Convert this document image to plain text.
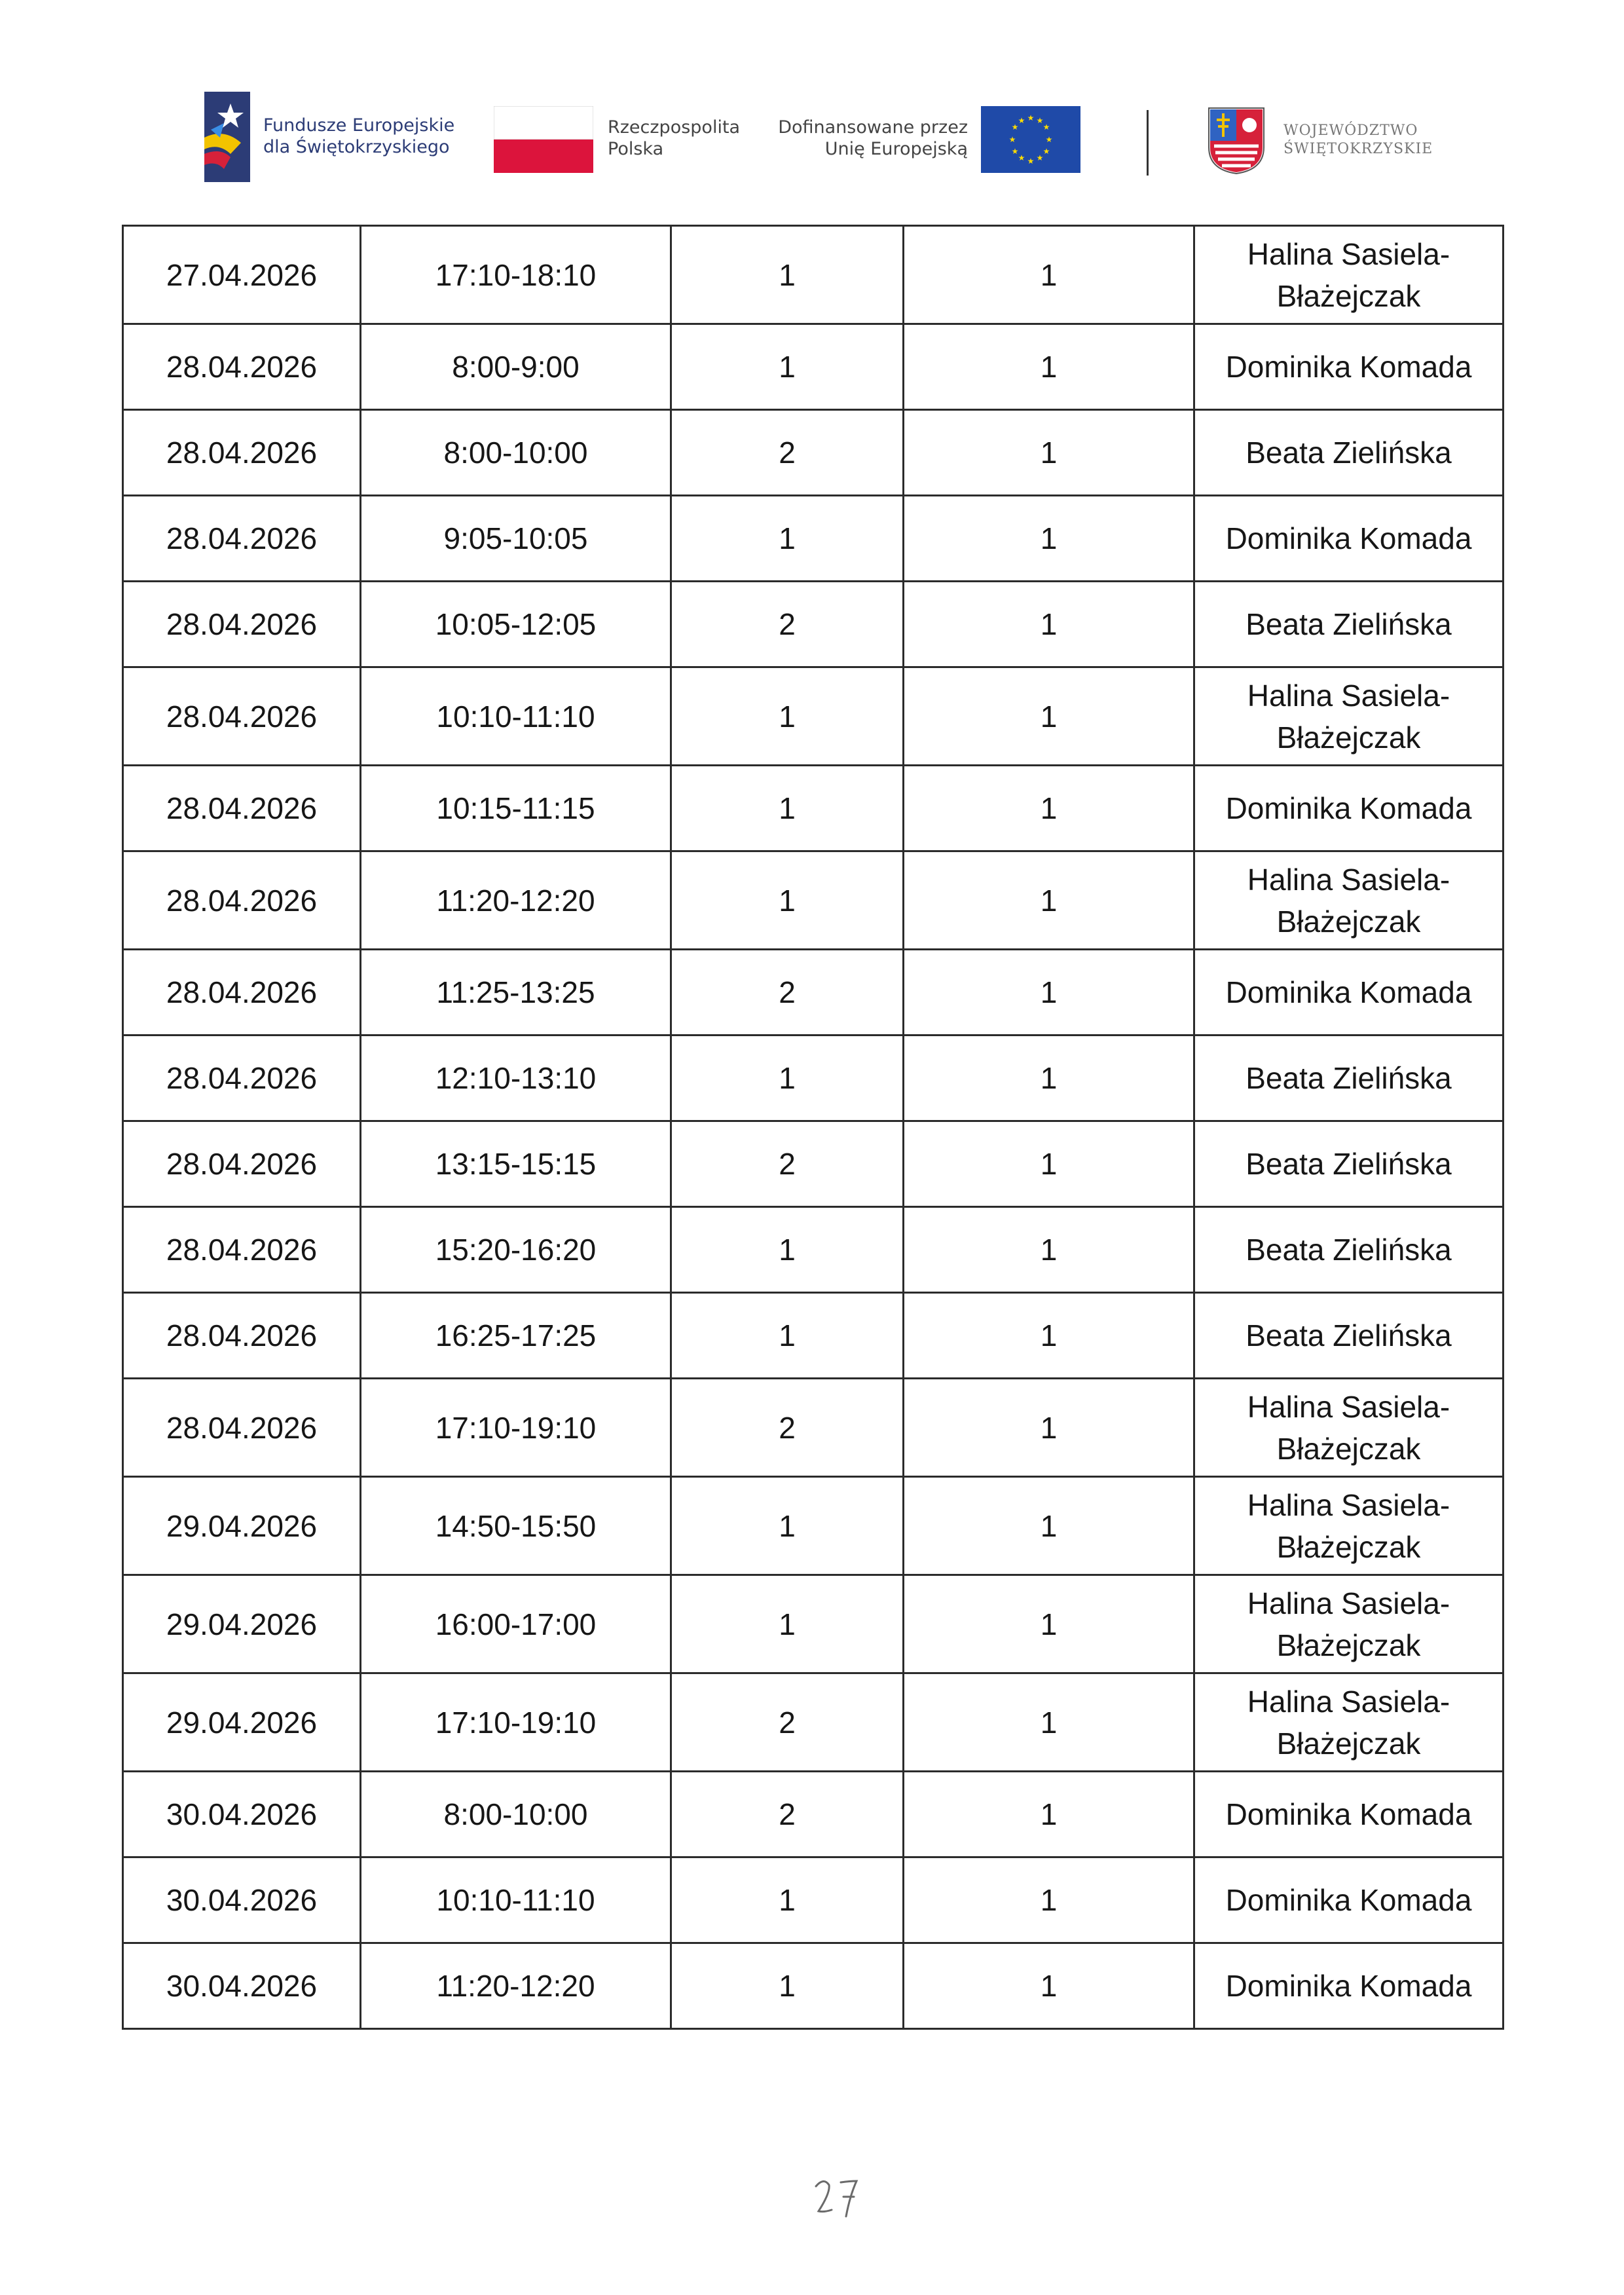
Fundusze Europejskie
dla Świętokrzyskiego
Rzeczpospolita
Polska
Dofinansowane przez
Unię Europejską
★ ★
★
★
★
★
★
★
★
★
★
★
WOJEWÓDZTWO
ŚWIĘTOKRZYSKIE
27.04.2026	17:10-18:10	1	1	Halina Sasiela-Błażejczak
28.04.2026	8:00-9:00	1	1	Dominika Komada
28.04.2026	8:00-10:00	2	1	Beata Zielińska
28.04.2026	9:05-10:05	1	1	Dominika Komada
28.04.2026	10:05-12:05	2	1	Beata Zielińska
28.04.2026	10:10-11:10	1	1	Halina Sasiela-Błażejczak
28.04.2026	10:15-11:15	1	1	Dominika Komada
28.04.2026	11:20-12:20	1	1	Halina Sasiela-Błażejczak
28.04.2026	11:25-13:25	2	1	Dominika Komada
28.04.2026	12:10-13:10	1	1	Beata Zielińska
28.04.2026	13:15-15:15	2	1	Beata Zielińska
28.04.2026	15:20-16:20	1	1	Beata Zielińska
28.04.2026	16:25-17:25	1	1	Beata Zielińska
28.04.2026	17:10-19:10	2	1	Halina Sasiela-Błażejczak
29.04.2026	14:50-15:50	1	1	Halina Sasiela-Błażejczak
29.04.2026	16:00-17:00	1	1	Halina Sasiela-Błażejczak
29.04.2026	17:10-19:10	2	1	Halina Sasiela-Błażejczak
30.04.2026	8:00-10:00	2	1	Dominika Komada
30.04.2026	10:10-11:10	1	1	Dominika Komada
30.04.2026	11:20-12:20	1	1	Dominika Komada
